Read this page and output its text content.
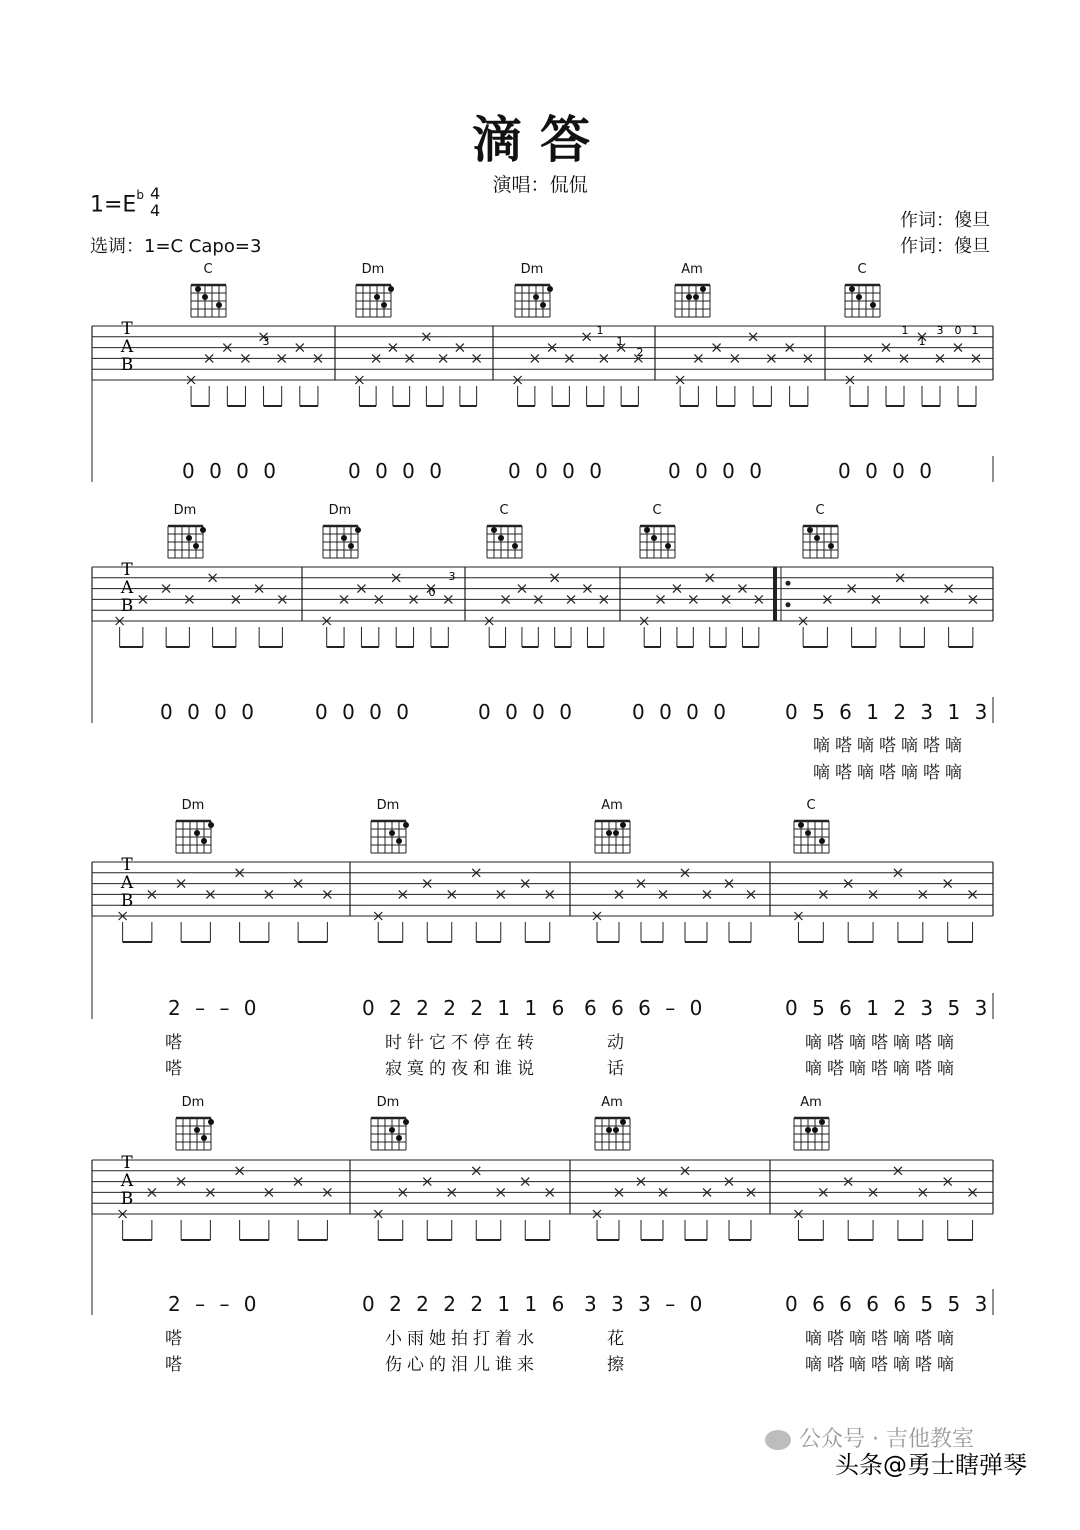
滴答
演唱：侃侃
$1=E^b$ 4
4
选调：1=C Capo=3
作词：傻旦
作词：傻旦
C	Dm	Dm	Am	C
Dm	Dm	C	C	C
Dm	Dm	Am	C
Dm	Dm	Am	Am
T
A
B
T
A
B
T
A
B
T
A
B
3	1
1
2
1
1
3
0
3 0 1
0 0 0 0	0 0 0 0	0 0 0 0	0 0 0 0	0 0 0 0
0 0 0 0	0 0 0 0	0 0 0 0	0 0 0 0	0 5 6 1 2 3 1 3
2 – – 0	0 2 2 2 2 1 1 6 6 6 6 – 0	0 5 6 1 2 3 5 3
2 – – 0	0 2 2 2 2 1 1 6 3 3 3 – 0	0 6 6 6 6 5 5 3
嘀嗒嘀嗒嘀嗒嘀
嘀嗒嘀嗒嘀嗒嘀
嗒
嗒
时针它不停在转
寂寞的夜和谁说
动
话
嘀嗒嘀嗒嘀嗒嘀
嘀嗒嘀嗒嘀嗒嘀
嗒
嗒
小雨她拍打着水
伤心的泪儿谁来
花
擦
嘀嗒嘀嗒嘀嗒嘀
嘀嗒嘀嗒嘀嗒嘀
公众号 · 吉他教室
头条@勇士瞎弹琴
